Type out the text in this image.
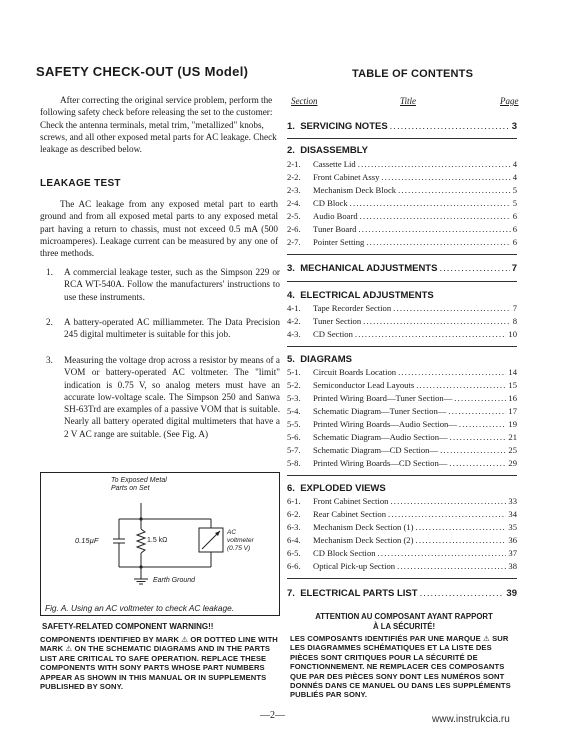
SAFETY CHECK-OUT (US Model)

After correcting the original service problem, perform the following safety check before releasing the set to the customer:

Check the antenna terminals, metal trim, "metallized" knobs, screws, and all other exposed metal parts for AC leakage. Check leakage as described below.

LEAKAGE TEST
The AC leakage from any exposed metal part to earth ground and from all exposed metal parts to any exposed metal part having a return to chassis, must not exceed 0.5 mA (500 microamperes). Leakage current can be measured by any one of three methods.
1. A commercial leakage tester, such as the Simpson 229 or RCA WT-540A. Follow the manufacturers' instructions to use these instruments.
2. A battery-operated AC milliammeter. The Data Precision 245 digital multimeter is suitable for this job.
3. Measuring the voltage drop across a resistor by means of a VOM or battery-operated AC voltmeter. The "limit" indication is 0.75 V, so analog meters must have an accurate low-voltage scale. The Simpson 250 and Sanwa SH-63Trd are examples of a passive VOM that is suitable. Nearly all battery operated digital multimeters that have a 2 V AC range are suitable. (See Fig. A)
To Exposed Metal
Parts on Set
0.15µF	1.5 kΩ
AC
voltmeter
(0.75 V)
Earth Ground
Fig. A. Using an AC voltmeter to check AC leakage.
SAFETY-RELATED COMPONENT WARNING!!
COMPONENTS IDENTIFIED BY MARK ⚠ OR DOTTED LINE WITH MARK ⚠ ON THE SCHEMATIC DIAGRAMS AND IN THE PARTS LIST ARE CRITICAL TO SAFE OPERATION. REPLACE THESE COMPONENTS WITH SONY PARTS WHOSE PART NUMBERS APPEAR AS SHOWN IN THIS MANUAL OR IN SUPPLEMENTS PUBLISHED BY SONY.
TABLE OF CONTENTS
Section	Title	Page
1. SERVICING NOTES .....	3
2. DISASSEMBLY
2-1.	Cassette Lid .....	4
2-2.	Front Cabinet Assy .....	4
2-3.	Mechanism Deck Block .....	5
2-4.	CD Block .....	5
2-5.	Audio Board .....	6
2-6.	Tuner Board .....	6
2-7.	Pointer Setting .....	6
3. MECHANICAL ADJUSTMENTS .....	7
4. ELECTRICAL ADJUSTMENTS
4-1.	Tape Recorder Section .....	7
4-2.	Tuner Section .....	8
4-3.	CD Section .....	10
5. DIAGRAMS
5-1.	Circuit Boards Location .....	14
5-2.	Semiconductor Lead Layouts .....	15
5-3.	Printed Wiring Board—Tuner Section— .....	16
5-4.	Schematic Diagram—Tuner Section— .....	17
5-5.	Printed Wiring Boards—Audio Section— .....	19
5-6.	Schematic Diagram—Audio Section— .....	21
5-7.	Schematic Diagram—CD Section— .....	25
5-8.	Printed Wiring Boards—CD Section— .....	29
6. EXPLODED VIEWS
6-1.	Front Cabinet Section .....	33
6-2.	Rear Cabinet Section .....	34
6-3.	Mechanism Deck Section (1) .....	35
6-4.	Mechanism Deck Section (2) .....	36
6-5.	CD Block Section .....	37
6-6.	Optical Pick-up Section .....	38
7. ELECTRICAL PARTS LIST .....	39
ATTENTION AU COMPOSANT AYANT RAPPORT
À LA SÉCURITÉ!
LES COMPOSANTS IDENTIFIÉS PAR UNE MARQUE ⚠ SUR LES DIAGRAMMES SCHÉMATIQUES ET LA LISTE DES PIÈCES SONT CRITIQUES POUR LA SÉCURITÉ DE FONCTIONNEMENT. NE REMPLACER CES COMPOSANTS QUE PAR DES PIÈCES SONY DONT LES NUMÉROS SONT DONNÉS DANS CE MANUEL OU DANS LES SUPPLÉMENTS PUBLIÉS PAR SONY.
—2—	www.instrukcia.ru
